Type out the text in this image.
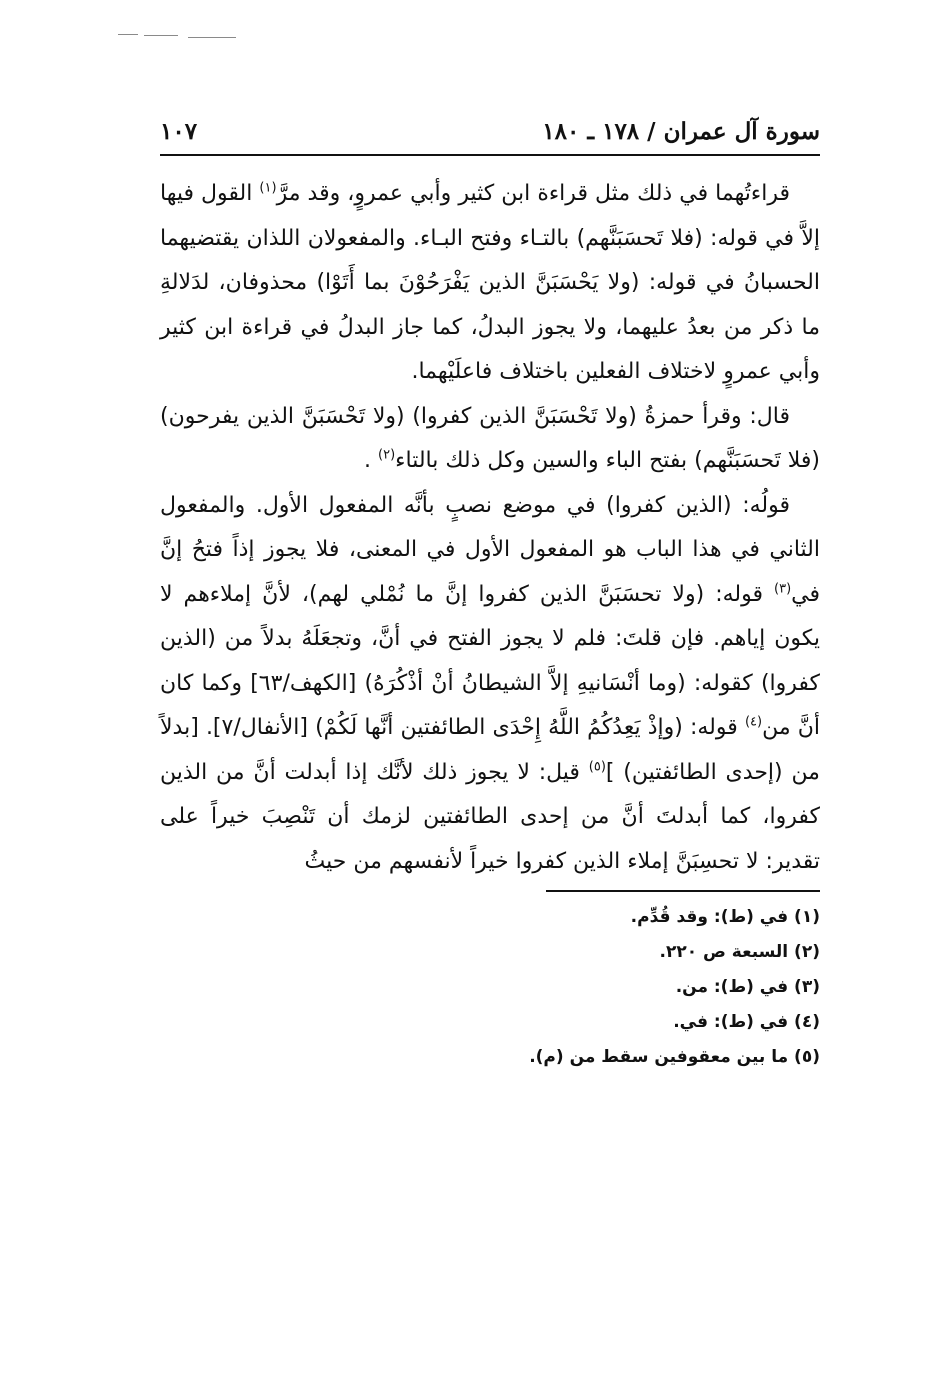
سورة آل عمران / ١٧٨ ـ ١٨٠
١٠٧

قراءتُهما في ذلك مثل قراءة ابن كثير وأبي عمروٍ، وقد مرَّ$^{(١)}$ القول فيها إلاَّ في قوله: (فلا تَحسَبَنَّهم) بالتـاء وفتح البـاء. والمفعولان اللذان يقتضيهما الحسبانُ في قوله: (ولا يَحْسَبَنَّ الذين يَفْرَحُوْنَ بما أَتَوْا) محذوفان، لدَلالةِ ما ذكر من بعدُ عليهما، ولا يجوز البدلُ، كما جاز البدلُ في قراءة ابن كثير وأبي عمروٍ لاختلاف الفعلين باختلاف فاعلَيْهما.

قال: وقرأ حمزةُ (ولا تَحْسَبَنَّ الذين كفروا) (ولا تَحْسَبَنَّ الذين يفرحون) (فلا تَحسَبَنَّهم) بفتح الباء والسين وكل ذلك بالتاء$^{(٢)}$ .

قولُه: (الذين كفروا) في موضع نصبٍ بأنَّه المفعول الأول. والمفعول الثاني في هذا الباب هو المفعول الأول في المعنى، فلا يجوز إذاً فتحُ إنَّ في$^{(٣)}$ قوله: (ولا تحسَبَنَّ الذين كفروا إنَّ ما نُمْلي لهم)، لأنَّ إملاءهم لا يكون إياهم. فإن قلتَ: فلم لا يجوز الفتح في أنَّ، وتجعَلَهُ بدلاً من (الذين كفروا) كقوله: (وما أنْسَانيهِ إلاَّ الشيطانُ أنْ أذْكُرَهُ) [الكهف/٦٣] وكما كان أنَّ من$^{(٤)}$ قوله: (وإذْ يَعِدُكُمُ اللَّهُ إِحْدَى الطائفتين أنَّها لَكُمْ) [الأنفال/٧]. [بدلاً من (إحدى الطائفتين) ]$^{(٥)}$ قيل: لا يجوز ذلك لأنَّك إذا أبدلت أنَّ من الذين كفروا، كما أبدلتَ أنَّ من إحدى الطائفتين لزمك أن تَنْصِبَ خيراً على تقدير: لا تحسِبَنَّ إملاء الذين كفروا خيراً لأنفسهم من حيثُ

(١) في (ط): وقد قُدِّم.
(٢) السبعة ص ٢٢٠.
(٣) في (ط): من.
(٤) في (ط): في.
(٥) ما بين معقوفين سقط من (م).
